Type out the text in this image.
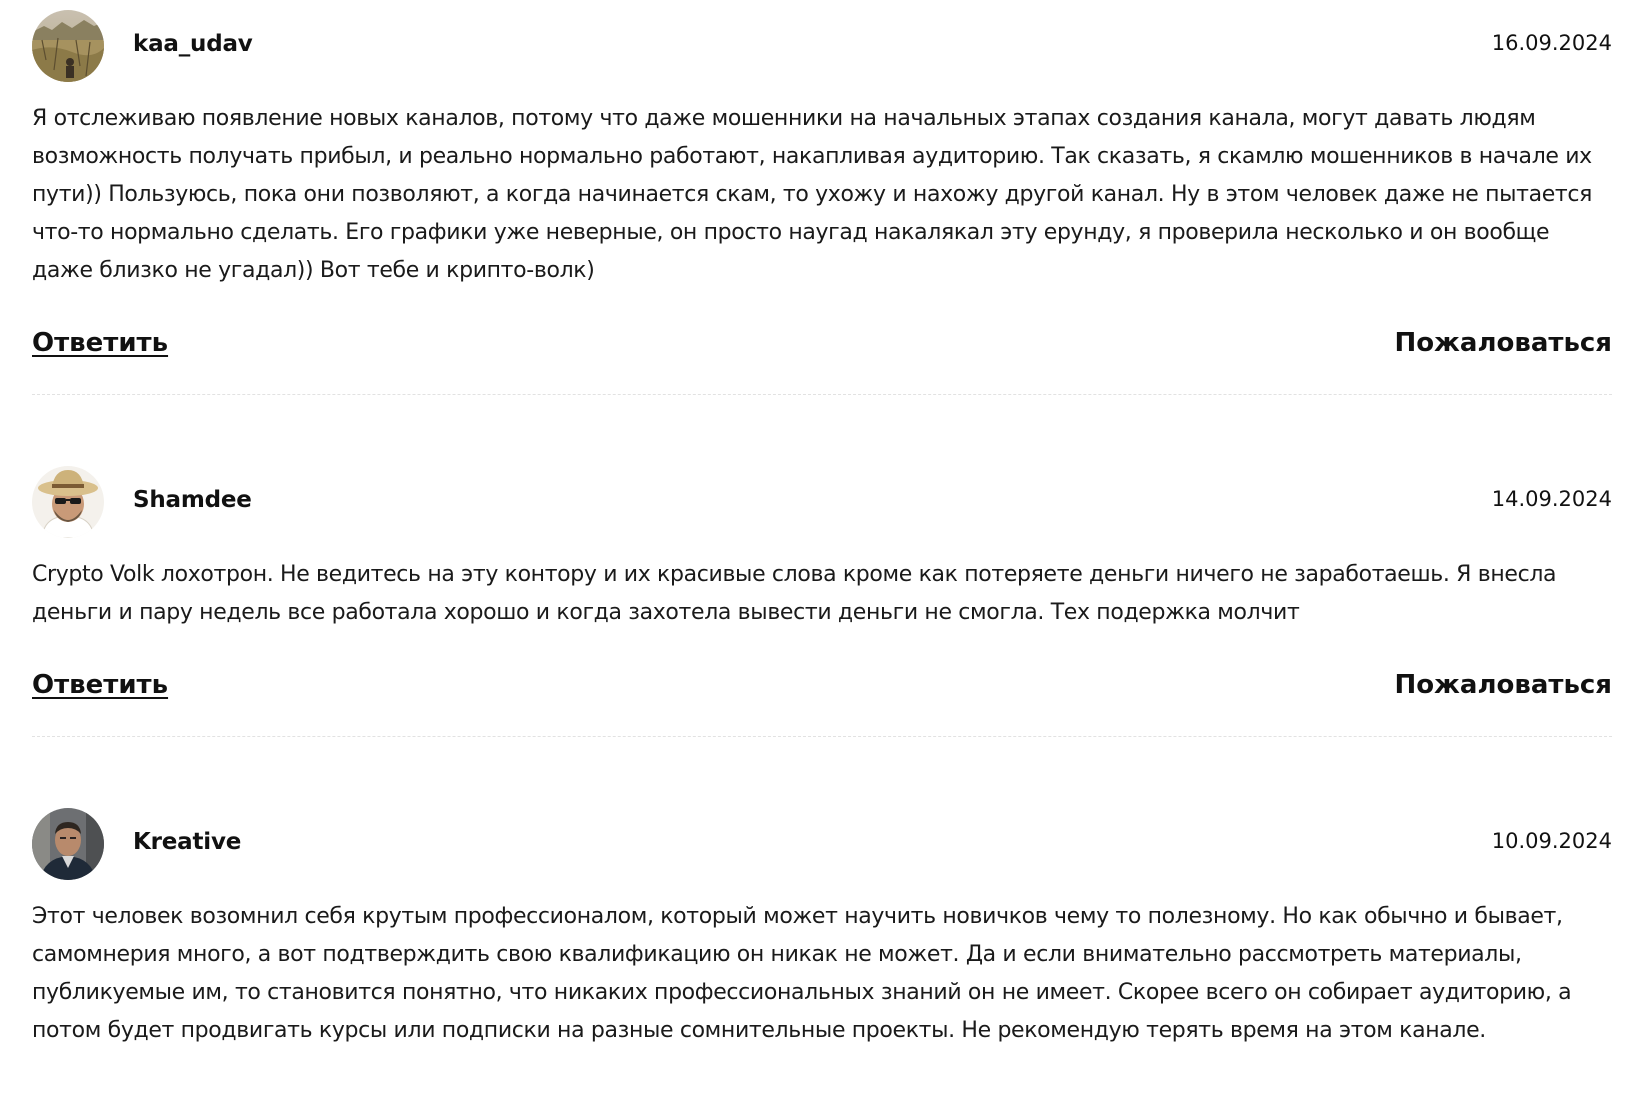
kaa_udav	16.09.2024

Я отслеживаю появление новых каналов, потому что даже мошенники на начальных этапах создания канала, могут давать людям возможность получать прибыл, и реально нормально работают, накапливая аудиторию. Так сказать, я скамлю мошенников в начале их пути)) Пользуюсь, пока они позволяют, а когда начинается скам, то ухожу и нахожу другой канал. Ну в этом человек даже не пытается что-то нормально сделать. Его графики уже неверные, он просто наугад накалякал эту ерунду, я проверила несколько и он вообще даже близко не угадал)) Вот тебе и крипто-волк)

Ответить	Пожаловаться
Shamdee	14.09.2024

Crypto Volk лохотрон. Не ведитесь на эту контору и их красивые слова кроме как потеряете деньги ничего не заработаешь. Я внесла деньги и пару недель все работала хорошо и когда захотела вывести деньги не смогла. Тех подержка молчит

Ответить	Пожаловаться
Kreative	10.09.2024

Этот человек возомнил себя крутым профессионалом, который может научить новичков чему то полезному. Но как обычно и бывает, самомнерия много, а вот подтверждить свою квалификацию он никак не может. Да и если внимательно рассмотреть материалы, публикуемые им, то становится понятно, что никаких профессиональных знаний он не имеет. Скорее всего он собирает аудиторию, а потом будет продвигать курсы или подписки на разные сомнительные проекты. Не рекомендую терять время на этом канале.
